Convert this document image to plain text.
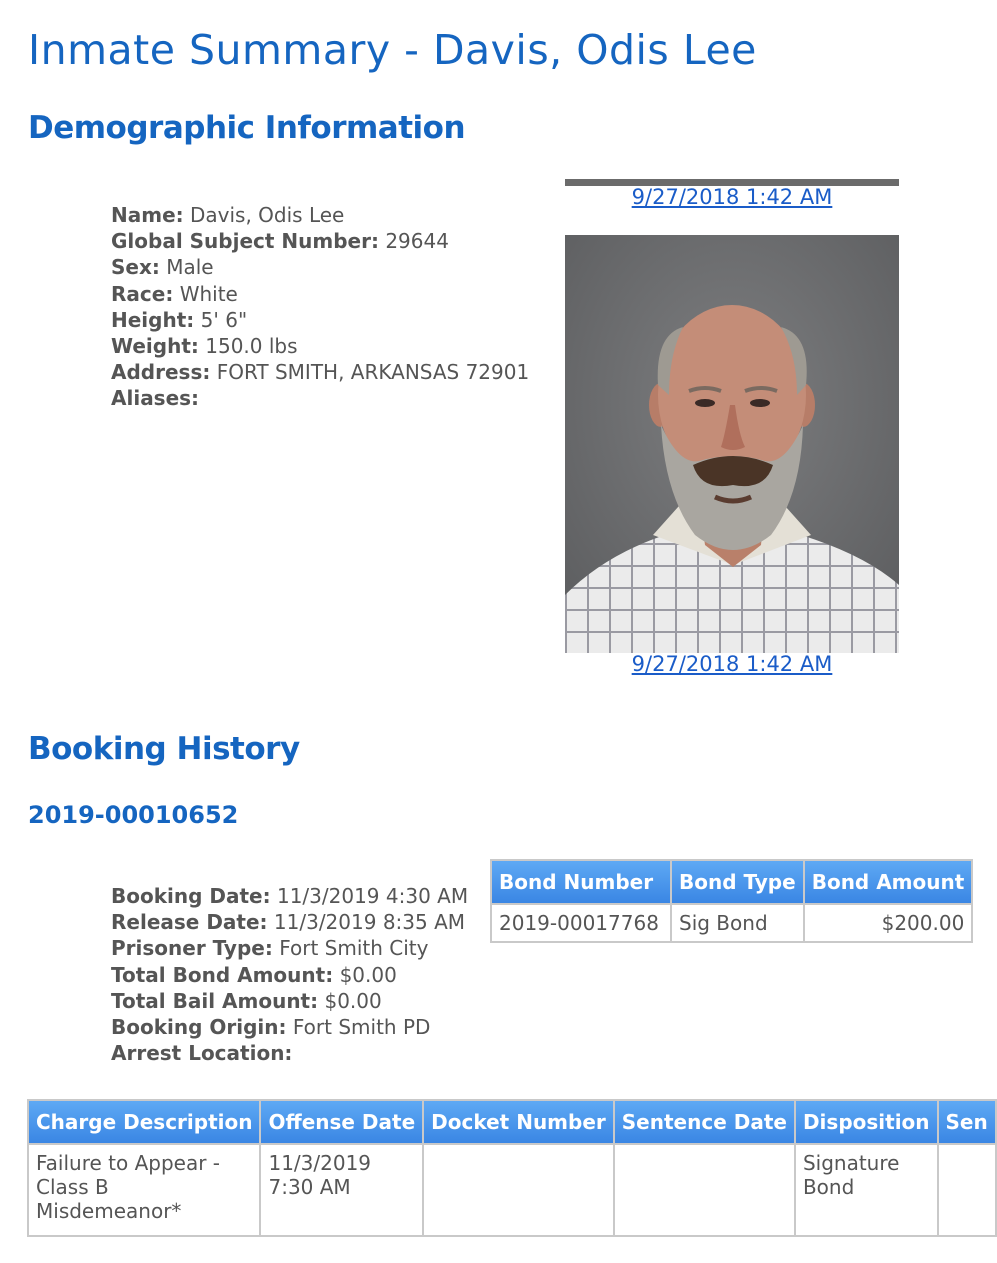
Inmate Summary - Davis, Odis Lee
Demographic Information
Name: Davis, Odis Lee
Global Subject Number: 29644
Sex: Male
Race: White
Height: 5' 6"
Weight: 150.0 lbs
Address: FORT SMITH, ARKANSAS 72901
Aliases:
9/27/2018 1:42 AM
9/27/2018 1:42 AM
Booking History
2019-00010652
Booking Date: 11/3/2019 4:30 AM
Release Date: 11/3/2019 8:35 AM
Prisoner Type: Fort Smith City
Total Bond Amount: $0.00
Total Bail Amount: $0.00
Booking Origin: Fort Smith PD
Arrest Location:
Bond Number	Bond Type	Bond Amount
2019-00017768	Sig Bond	$200.00
Charge Description	Offense Date	Docket Number	Sentence Date	Disposition	Sen
Failure to Appear - Class B Misdemeanor*	11/3/2019 7:30 AM			Signature Bond	
